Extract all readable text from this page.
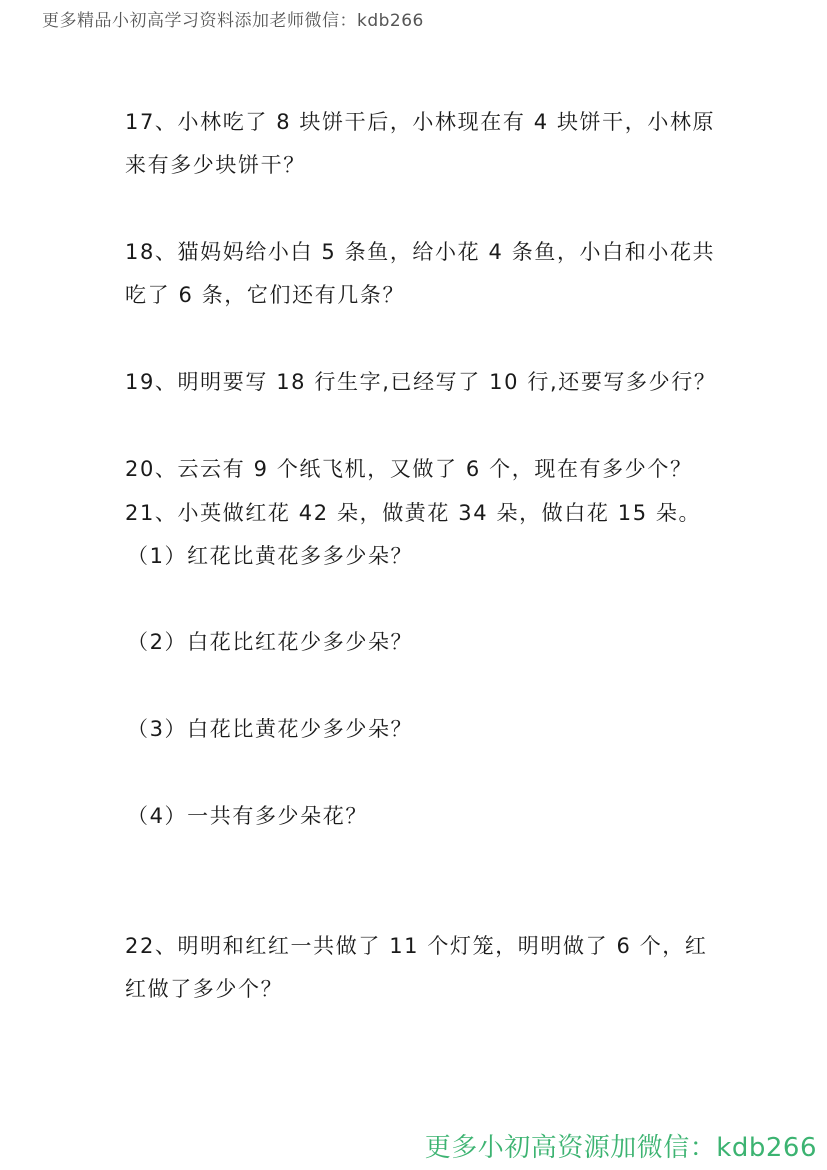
更多精品小初高学习资料添加老师微信：kdb266
17、小林吃了 8 块饼干后，小林现在有 4 块饼干，小林原
来有多少块饼干？
18、猫妈妈给小白 5 条鱼，给小花 4 条鱼，小白和小花共
吃了 6 条，它们还有几条？
19、明明要写 18 行生字,已经写了 10 行,还要写多少行？
20、云云有 9 个纸飞机，又做了 6 个，现在有多少个？
21、小英做红花 42 朵，做黄花 34 朵，做白花 15 朵。
（1）红花比黄花多多少朵？
（2）白花比红花少多少朵？
（3）白花比黄花少多少朵？
（4）一共有多少朵花？
22、明明和红红一共做了 11 个灯笼，明明做了 6 个，红
红做了多少个？
更多小初高资源加微信：kdb266
